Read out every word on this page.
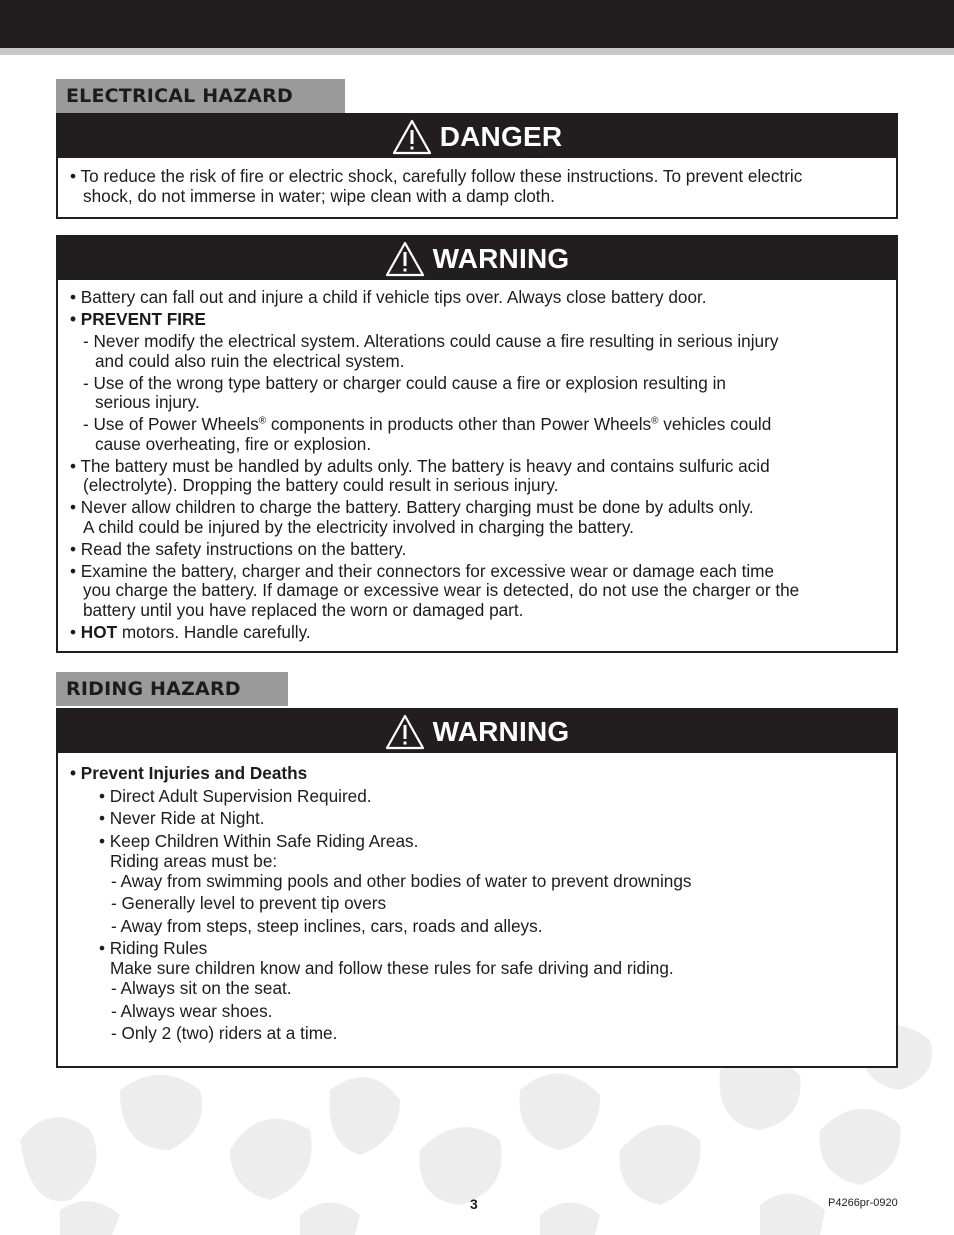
ELECTRICAL HAZARD
DANGER
• To reduce the risk of fire or electric shock, carefully follow these instructions. To prevent electric
shock, do not immerse in water; wipe clean with a damp cloth.
WARNING
• Battery can fall out and injure a child if vehicle tips over. Always close battery door.
• PREVENT FIRE
- Never modify the electrical system. Alterations could cause a fire resulting in serious injury
and could also ruin the electrical system.
- Use of the wrong type battery or charger could cause a fire or explosion resulting in
serious injury.
- Use of Power Wheels® components in products other than Power Wheels® vehicles could
cause overheating, fire or explosion.
• The battery must be handled by adults only. The battery is heavy and contains sulfuric acid
(electrolyte). Dropping the battery could result in serious injury.
• Never allow children to charge the battery. Battery charging must be done by adults only.
A child could be injured by the electricity involved in charging the battery.
• Read the safety instructions on the battery.
• Examine the battery, charger and their connectors for excessive wear or damage each time
you charge the battery. If damage or excessive wear is detected, do not use the charger or the
battery until you have replaced the worn or damaged part.
• HOT motors. Handle carefully.
RIDING HAZARD
WARNING
• Prevent Injuries and Deaths
• Direct Adult Supervision Required.
• Never Ride at Night.
• Keep Children Within Safe Riding Areas.
Riding areas must be:
- Away from swimming pools and other bodies of water to prevent drownings
- Generally level to prevent tip overs
- Away from steps, steep inclines, cars, roads and alleys.
• Riding Rules
Make sure children know and follow these rules for safe driving and riding.
- Always sit on the seat.
- Always wear shoes.
- Only 2 (two) riders at a time.
3	P4266pr-0920
